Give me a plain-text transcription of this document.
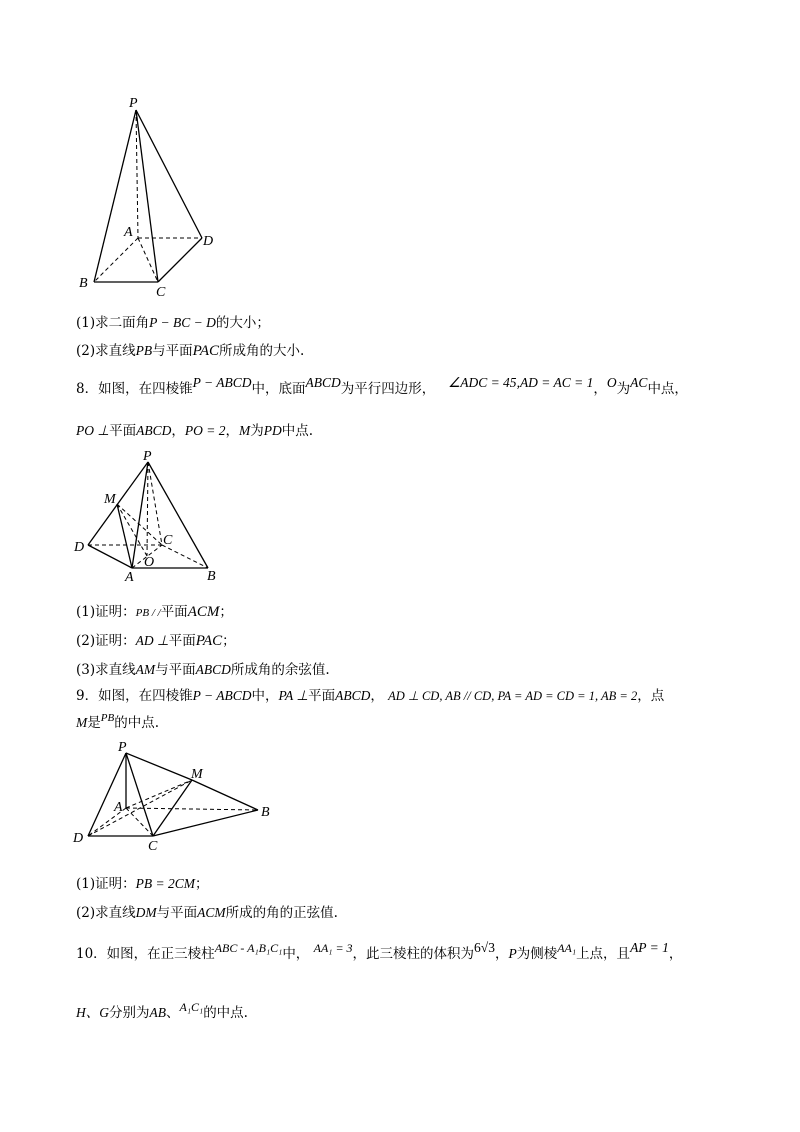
P
A
D
B
C
(1)求二面角P − BC − D的大小；
(2)求直线PB与平面PAC所成角的大小.
8．如图，在四棱锥P − ABCD中，底面ABCD为平行四边形， ∠ADC = 45,AD = AC = 1，O为AC中点，
PO ⊥平面ABCD，PO = 2，M为PD中点.
P
M
D	C
O
A	B
(1)证明：PB / /平面ACM；
(2)证明：AD ⊥平面PAC；
(3)求直线AM与平面ABCD所成角的余弦值.
9．如图，在四棱锥P − ABCD中，PA ⊥平面ABCD， AD ⊥ CD, AB // CD, PA = AD = CD = 1, AB = 2，点
M是$^{PB}$的中点.
P
M
A	B
D
C
(1)证明：PB = 2CM；
(2)求直线DM与平面ACM所成的角的正弦值.
10．如图，在正三棱柱ABC - A₁B₁C₁中， AA₁ = 3，此三棱柱的体积为6√3，P为侧棱AA₁上点，且AP = 1，
H、G分别为AB、A₁C₁的中点.
